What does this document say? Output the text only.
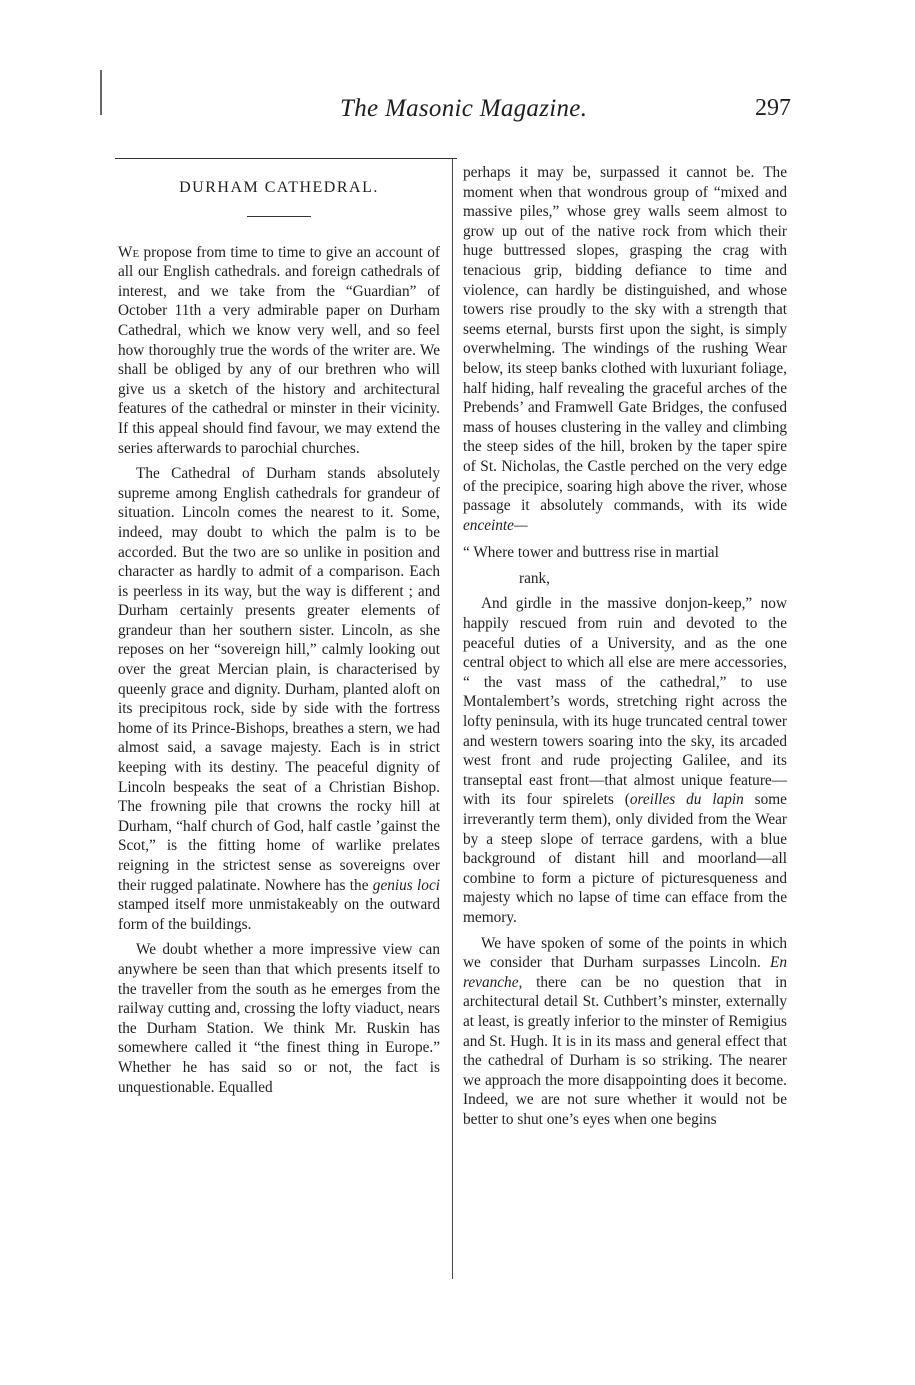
The Masonic Magazine.	297
DURHAM CATHEDRAL.

We propose from time to time to give an account of all our English cathedrals. and foreign cathedrals of interest, and we take from the “Guardian” of October 11th a very admirable paper on Durham Cathedral, which we know very well, and so feel how thoroughly true the words of the writer are. We shall be obliged by any of our brethren who will give us a sketch of the history and architectural features of the cathedral or minster in their vicinity. If this appeal should find favour, we may extend the series afterwards to parochial churches.

The Cathedral of Durham stands absolutely supreme among English cathedrals for grandeur of situation. Lincoln comes the nearest to it. Some, indeed, may doubt to which the palm is to be accorded. But the two are so unlike in position and character as hardly to admit of a comparison. Each is peerless in its way, but the way is different ; and Durham certainly presents greater elements of grandeur than her southern sister. Lincoln, as she reposes on her “sovereign hill,” calmly looking out over the great Mercian plain, is characterised by queenly grace and dignity. Durham, planted aloft on its precipitous rock, side by side with the fortress home of its Prince-Bishops, breathes a stern, we had almost said, a savage majesty. Each is in strict keeping with its destiny. The peaceful dignity of Lincoln bespeaks the seat of a Christian Bishop. The frowning pile that crowns the rocky hill at Durham, “half church of God, half castle ’gainst the Scot,” is the fitting home of warlike prelates reigning in the strictest sense as sovereigns over their rugged palatinate. Nowhere has the genius loci stamped itself more unmistakeably on the outward form of the buildings.

We doubt whether a more impressive view can anywhere be seen than that which presents itself to the traveller from the south as he emerges from the railway cutting and, crossing the lofty viaduct, nears the Durham Station. We think Mr. Ruskin has somewhere called it “the finest thing in Europe.” Whether he has said so or not, the fact is unquestionable. Equalled

perhaps it may be, surpassed it cannot be. The moment when that wondrous group of “mixed and massive piles,” whose grey walls seem almost to grow up out of the native rock from which their huge buttressed slopes, grasping the crag with tenacious grip, bidding defiance to time and violence, can hardly be distinguished, and whose towers rise proudly to the sky with a strength that seems eternal, bursts first upon the sight, is simply overwhelming. The windings of the rushing Wear below, its steep banks clothed with luxuriant foliage, half hiding, half revealing the graceful arches of the Prebends’ and Framwell Gate Bridges, the confused mass of houses clustering in the valley and climbing the steep sides of the hill, broken by the taper spire of St. Nicholas, the Castle perched on the very edge of the precipice, soaring high above the river, whose passage it absolutely commands, with its wide enceinte—

“ Where tower and buttress rise in martial

rank,

And girdle in the massive donjon-keep,” now happily rescued from ruin and devoted to the peaceful duties of a University, and as the one central object to which all else are mere accessories, “ the vast mass of the cathedral,” to use Montalembert’s words, stretching right across the lofty peninsula, with its huge truncated central tower and western towers soaring into the sky, its arcaded west front and rude projecting Galilee, and its transeptal east front—that almost unique feature—with its four spirelets (oreilles du lapin some irreverantly term them), only divided from the Wear by a steep slope of terrace gardens, with a blue background of distant hill and moorland—all combine to form a picture of picturesqueness and majesty which no lapse of time can efface from the memory.

We have spoken of some of the points in which we consider that Durham surpasses Lincoln. En revanche, there can be no question that in architectural detail St. Cuthbert’s minster, externally at least, is greatly inferior to the minster of Remigius and St. Hugh. It is in its mass and general effect that the cathedral of Durham is so striking. The nearer we approach the more disappointing does it become. Indeed, we are not sure whether it would not be better to shut one’s eyes when one begins
